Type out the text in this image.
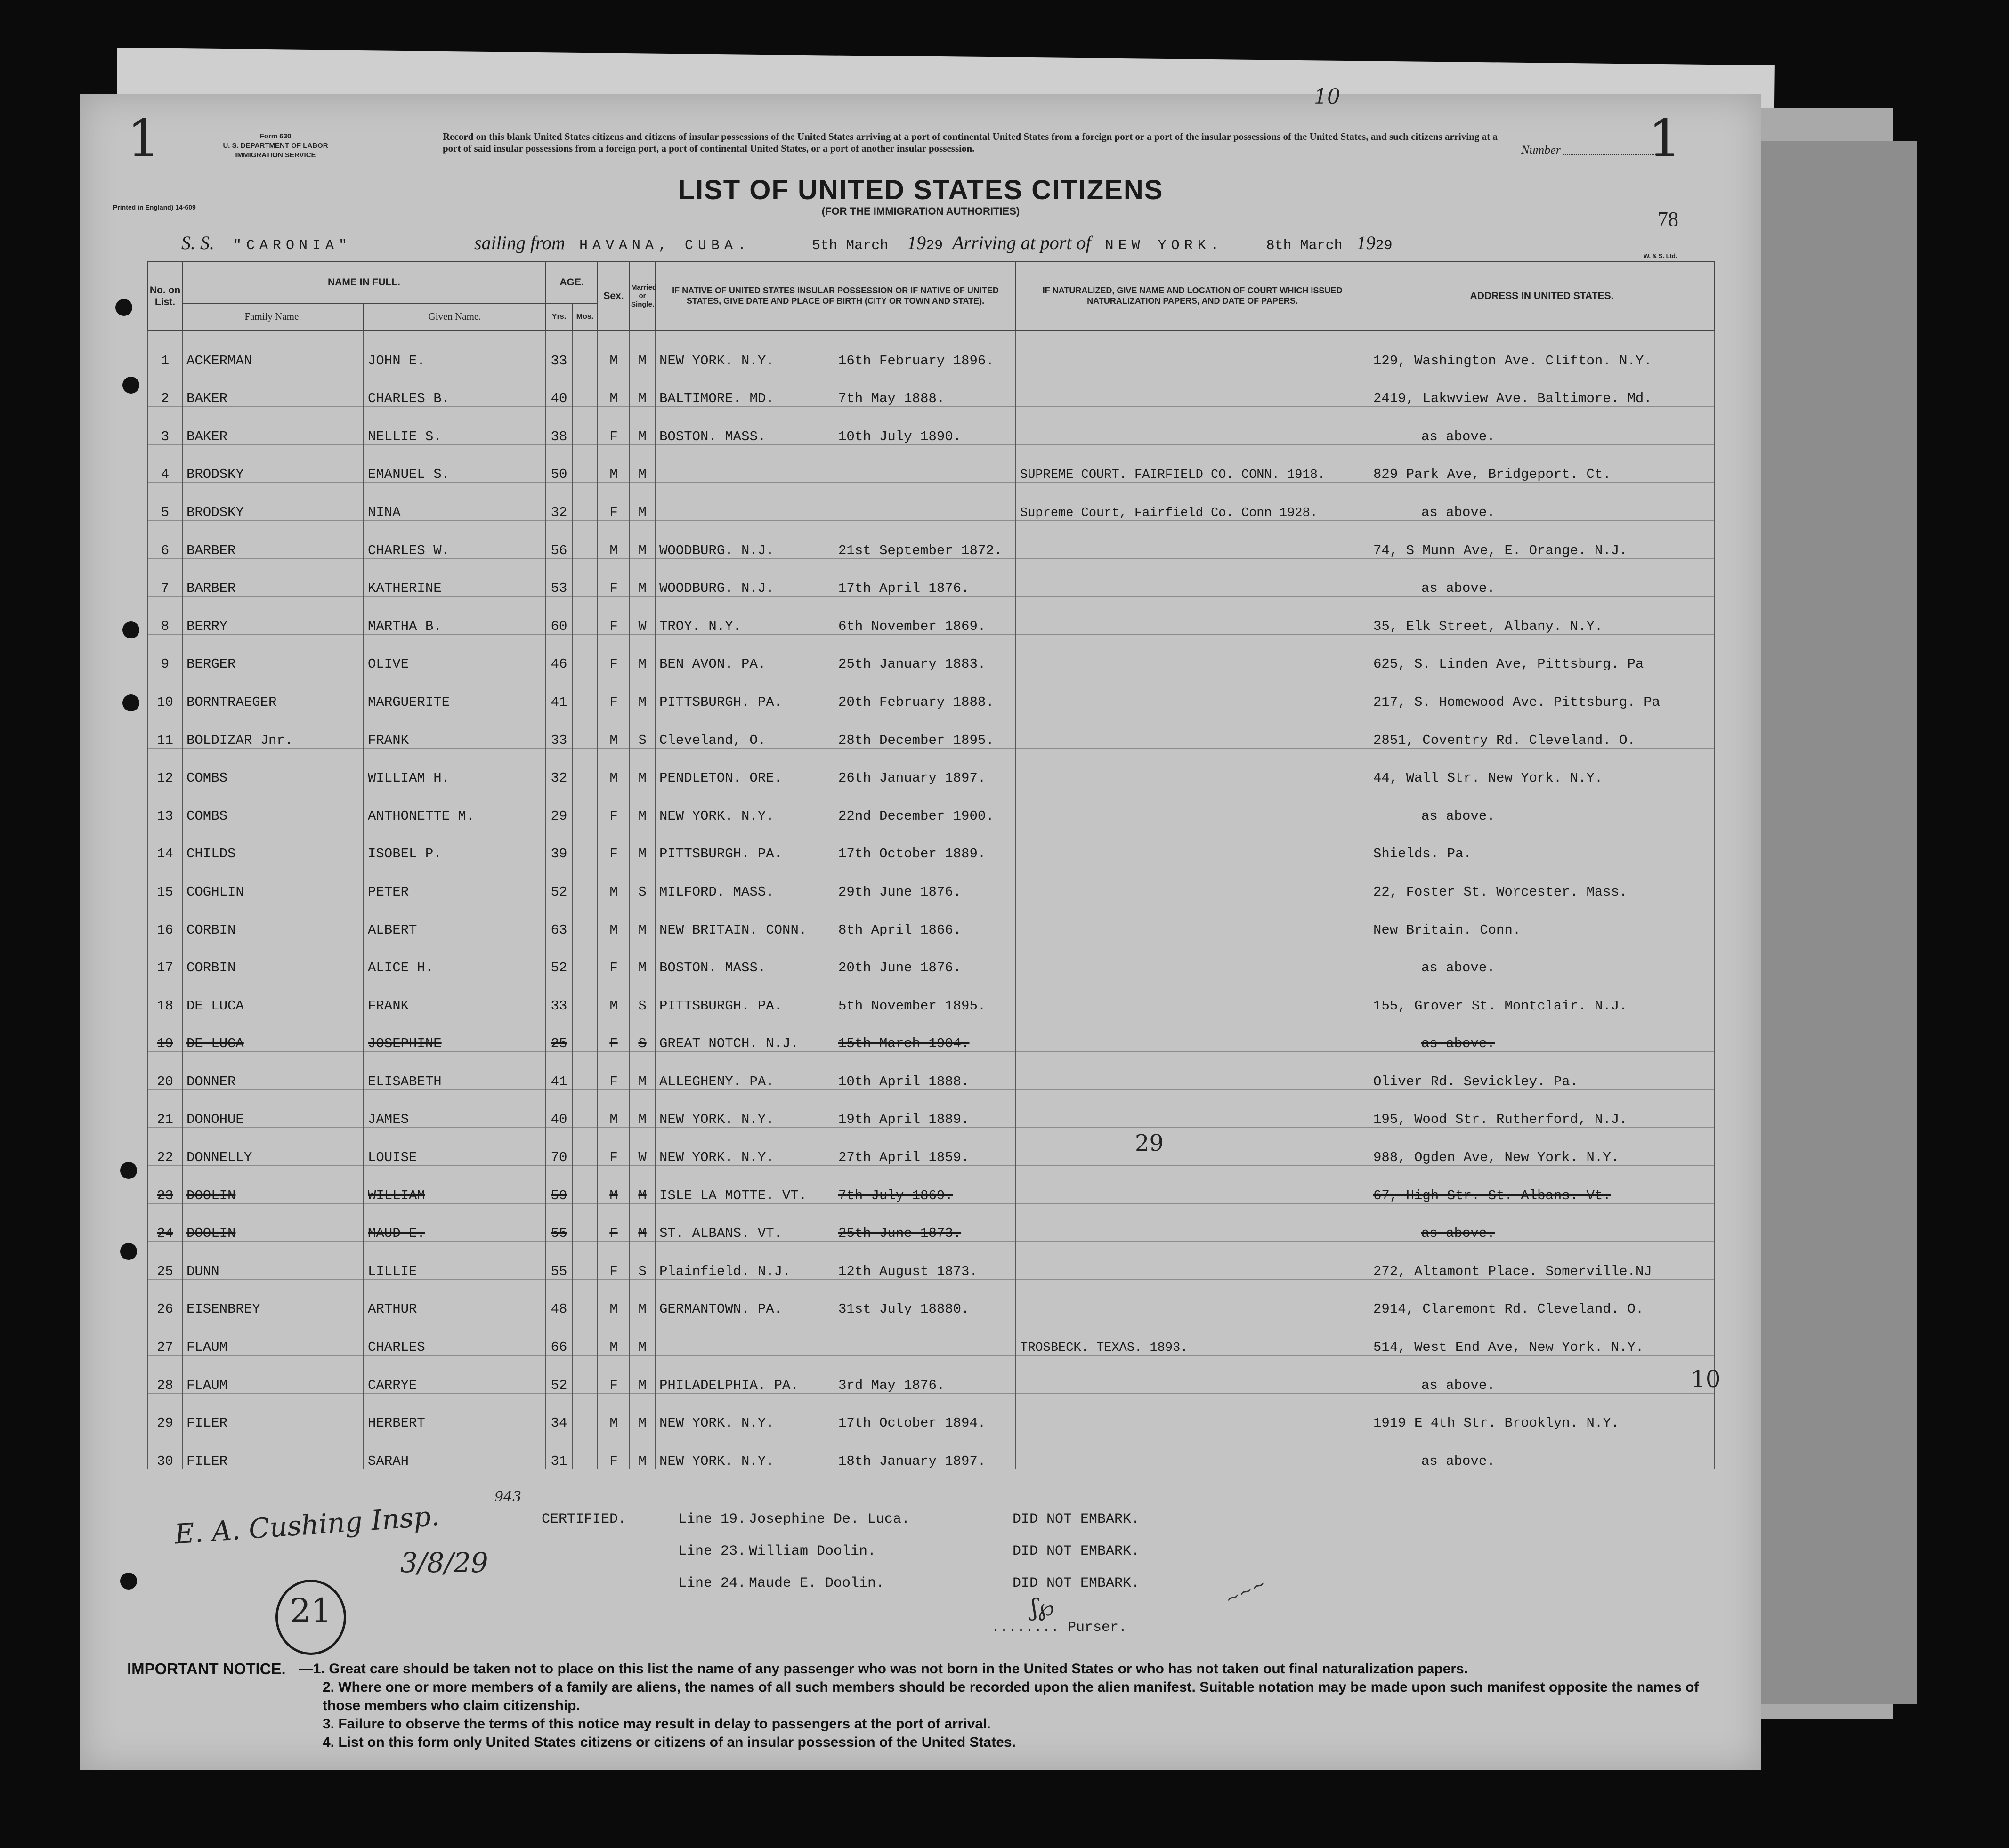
1	Form 630
U. S. DEPARTMENT OF LABOR
IMMIGRATION SERVICE
Printed in England) 14-609
Record on this blank United States citizens and citizens of insular possessions of the United States arriving at a port of continental United States from a foreign port or a port of the insular possessions of the United States, and such citizens arriving at a port of said insular possessions from a foreign port, a port of continental United States, or a port of another insular possession.
LIST OF UNITED STATES CITIZENS
(FOR THE IMMIGRATION AUTHORITIES)
Number 1
78
10
S. S. "CARONIA"	sailing from HAVANA, CUBA.	5th March 1929 Arriving at port of NEW YORK.	8th March 1929
W. & S. Ltd.
No. on List.	NAME IN FULL.		AGE.		Sex.	Married or Single.	IF NATIVE OF UNITED STATES INSULAR POSSESSION OR IF NATIVE OF UNITED STATES, GIVE DATE AND PLACE OF BIRTH (CITY OR TOWN AND STATE).	IF NATURALIZED, GIVE NAME AND LOCATION OF COURT WHICH ISSUED NATURALIZATION PAPERS, AND DATE OF PAPERS.	ADDRESS IN UNITED STATES.
	Family Name.	Given Name.	Yrs.	Mos.					
1	ACKERMAN	JOHN E.	33		M	M	NEW YORK. N.Y. 16th February 1896.		129, Washington Ave. Clifton. N.Y.
2	BAKER	CHARLES B.	40		M	M	BALTIMORE. MD. 7th May 1888.		2419, Lakwview Ave. Baltimore. Md.
3	BAKER	NELLIE S.	38		F	M	BOSTON. MASS. 10th July 1890.		as above.
4	BRODSKY	EMANUEL S.	50		M	M		SUPREME COURT. FAIRFIELD CO. CONN. 1918.	829 Park Ave, Bridgeport. Ct.
5	BRODSKY	NINA	32		F	M		Supreme Court, Fairfield Co. Conn 1928.	as above.
6	BARBER	CHARLES W.	56		M	M	WOODBURG. N.J. 21st September 1872.		74, S Munn Ave, E. Orange. N.J.
7	BARBER	KATHERINE	53		F	M	WOODBURG. N.J. 17th April 1876.		as above.
8	BERRY	MARTHA B.	60		F	W	TROY. N.Y. 6th November 1869.		35, Elk Street, Albany. N.Y.
9	BERGER	OLIVE	46		F	M	BEN AVON. PA. 25th January 1883.		625, S. Linden Ave, Pittsburg. Pa
10	BORNTRAEGER	MARGUERITE	41		F	M	PITTSBURGH. PA. 20th February 1888.		217, S. Homewood Ave. Pittsburg. Pa
11	BOLDIZAR Jnr.	FRANK	33		M	S	Cleveland, O. 28th December 1895.		2851, Coventry Rd. Cleveland. O.
12	COMBS	WILLIAM H.	32		M	M	PENDLETON. ORE. 26th January 1897.		44, Wall Str. New York. N.Y.
13	COMBS	ANTHONETTE M.	29		F	M	NEW YORK. N.Y. 22nd December 1900.		as above.
14	CHILDS	ISOBEL P.	39		F	M	PITTSBURGH. PA. 17th October 1889.		Shields. Pa.
15	COGHLIN	PETER	52		M	S	MILFORD. MASS. 29th June 1876.		22, Foster St. Worcester. Mass.
16	CORBIN	ALBERT	63		M	M	NEW BRITAIN. CONN. 8th April 1866.		New Britain. Conn.
17	CORBIN	ALICE H.	52		F	M	BOSTON. MASS. 20th June 1876.		as above.
18	DE LUCA	FRANK	33		M	S	PITTSBURGH. PA. 5th November 1895.		155, Grover St. Montclair. N.J.
19	DE LUCA	JOSEPHINE	25		F	S	GREAT NOTCH. N.J. 15th March 1904.		as above.
20	DONNER	ELISABETH	41		F	M	ALLEGHENY. PA. 10th April 1888.		Oliver Rd. Sevickley. Pa.
21	DONOHUE	JAMES	40		M	M	NEW YORK. N.Y. 19th April 1889.		195, Wood Str. Rutherford, N.J.
22	DONNELLY	LOUISE	70		F	W	NEW YORK. N.Y. 27th April 1859.		988, Ogden Ave, New York. N.Y.
23	DOOLIN	WILLIAM	59		M	M	ISLE LA MOTTE. VT. 7th July 1869.		67, High Str. St. Albans. Vt.
24	DOOLIN	MAUD E.	55		F	M	ST. ALBANS. VT. 25th June 1873.		as above.
25	DUNN	LILLIE	55		F	S	Plainfield. N.J. 12th August 1873.		272, Altamont Place. Somerville.NJ
26	EISENBREY	ARTHUR	48		M	M	GERMANTOWN. PA. 31st July 18880.		2914, Claremont Rd. Cleveland. O.
27	FLAUM	CHARLES	66		M	M		TROSBECK. TEXAS. 1893.	514, West End Ave, New York. N.Y.
28	FLAUM	CARRYE	52		F	M	PHILADELPHIA. PA. 3rd May 1876.		as above.
29	FILER	HERBERT	34		M	M	NEW YORK. N.Y. 17th October 1894.		1919 E 4th Str. Brooklyn. N.Y.
30	FILER	SARAH	31		F	M	NEW YORK. N.Y. 18th January 1897.		as above.
29
E. A. Cushing Insp.
943
3/8/29
21
CERTIFIED.	Line 19. Josephine De. Luca.	DID NOT EMBARK.
Line 23. William Doolin.	DID NOT EMBARK.
Line 24. Maude E. Doolin.	DID NOT EMBARK.
ʃ℘
........ Purser.
~~~
IMPORTANT NOTICE. —1. Great care should be taken not to place on this list the name of any passenger who was not born in the United States or who has not taken out final naturalization papers.
2. Where one or more members of a family are aliens, the names of all such members should be recorded upon the alien manifest. Suitable notation may be made upon such manifest opposite the names of those members who claim citizenship.
3. Failure to observe the terms of this notice may result in delay to passengers at the port of arrival.
4. List on this form only United States citizens or citizens of an insular possession of the United States.
10
